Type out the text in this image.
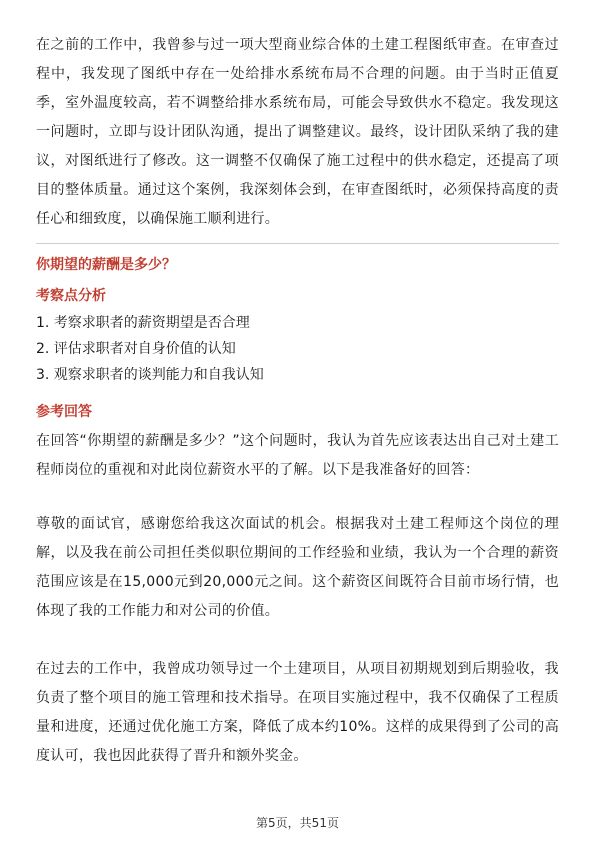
在之前的工作中，我曾参与过一项大型商业综合体的土建工程图纸审查。在审查过程中，我发现了图纸中存在一处给排水系统布局不合理的问题。由于当时正值夏季，室外温度较高，若不调整给排水系统布局，可能会导致供水不稳定。我发现这一问题时，立即与设计团队沟通，提出了调整建议。最终，设计团队采纳了我的建议，对图纸进行了修改。这一调整不仅确保了施工过程中的供水稳定，还提高了项目的整体质量。通过这个案例，我深刻体会到，在审查图纸时，必须保持高度的责任心和细致度，以确保施工顺利进行。

你期望的薪酬是多少？

考察点分析

1. 考察求职者的薪资期望是否合理
2. 评估求职者对自身价值的认知
3. 观察求职者的谈判能力和自我认知

参考回答

在回答“你期望的薪酬是多少？”这个问题时，我认为首先应该表达出自己对土建工程师岗位的重视和对此岗位薪资水平的了解。以下是我准备好的回答：

尊敬的面试官，感谢您给我这次面试的机会。根据我对土建工程师这个岗位的理解，以及我在前公司担任类似职位期间的工作经验和业绩，我认为一个合理的薪资范围应该是在15,000元到20,000元之间。这个薪资区间既符合目前市场行情，也体现了我的工作能力和对公司的价值。

在过去的工作中，我曾成功领导过一个土建项目，从项目初期规划到后期验收，我负责了整个项目的施工管理和技术指导。在项目实施过程中，我不仅确保了工程质量和进度，还通过优化施工方案，降低了成本约10%。这样的成果得到了公司的高度认可，我也因此获得了晋升和额外奖金。

第5页，共51页
